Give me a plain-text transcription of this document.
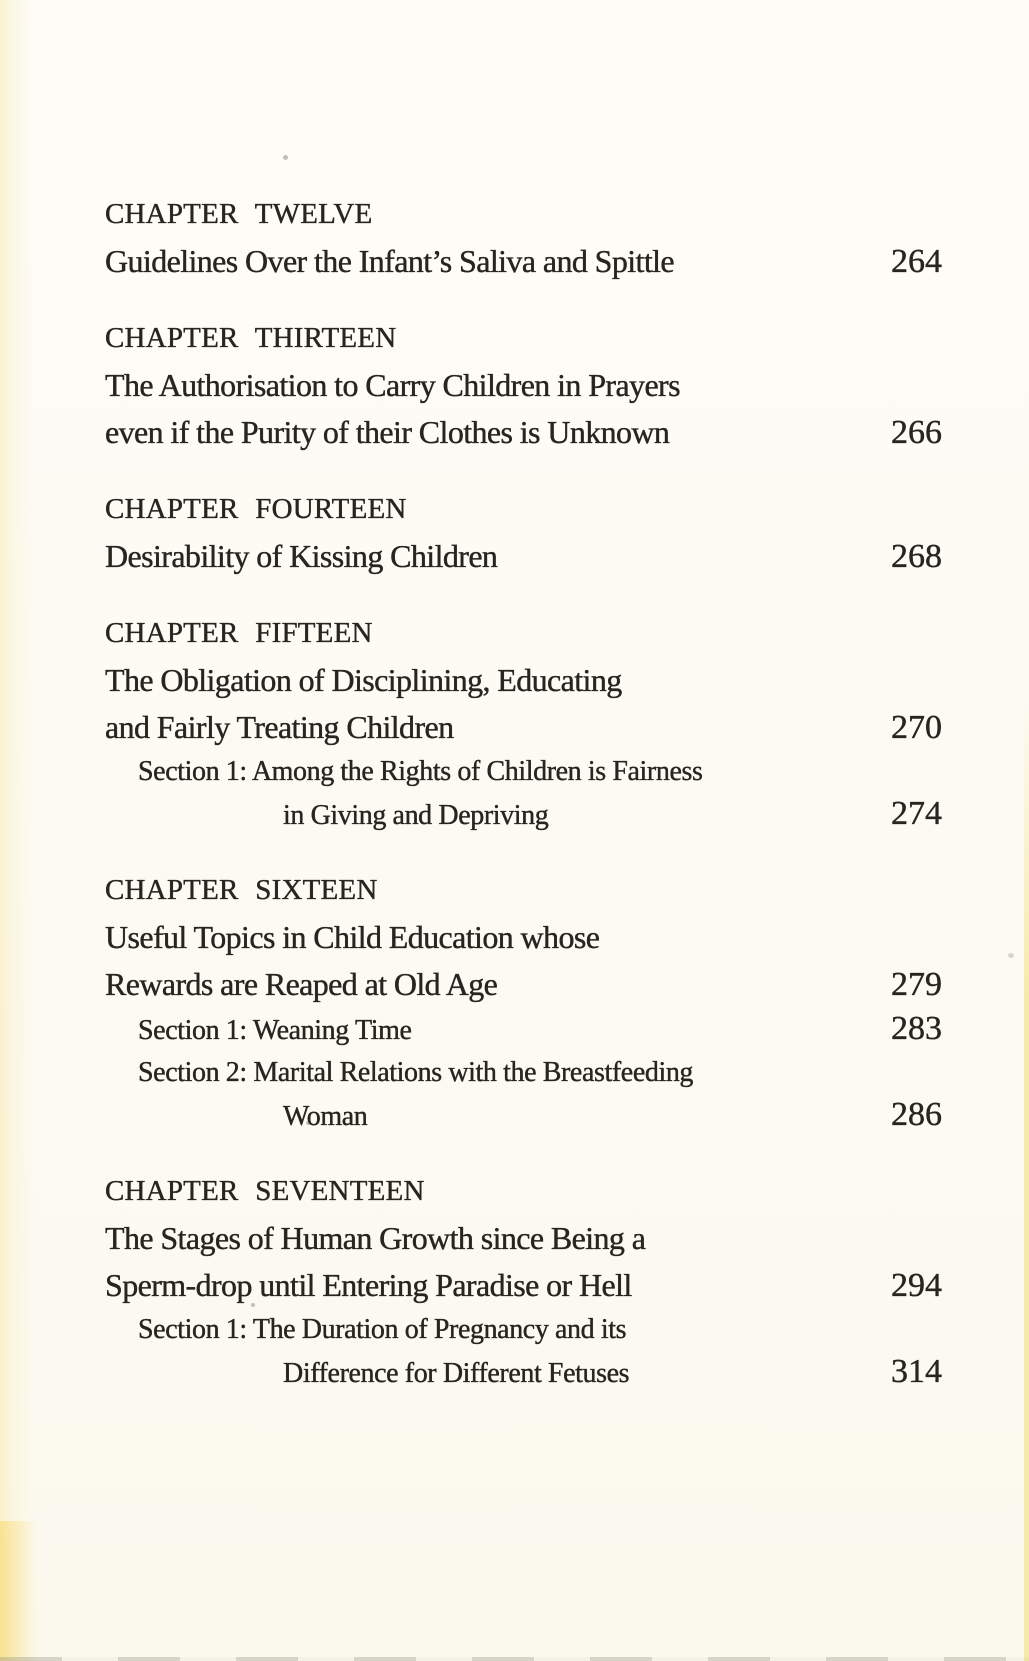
CHAPTER TWELVE
Guidelines Over the Infant’s Saliva and Spittle	264
CHAPTER THIRTEEN
The Authorisation to Carry Children in Prayers
even if the Purity of their Clothes is Unknown	266
CHAPTER FOURTEEN
Desirability of Kissing Children	268
CHAPTER FIFTEEN
The Obligation of Disciplining, Educating
and Fairly Treating Children	270
Section 1: Among the Rights of Children is Fairness
in Giving and Depriving	274
CHAPTER SIXTEEN
Useful Topics in Child Education whose
Rewards are Reaped at Old Age	279
Section 1: Weaning Time	283
Section 2: Marital Relations with the Breastfeeding
Woman	286
CHAPTER SEVENTEEN
The Stages of Human Growth since Being a
Sperm-drop until Entering Paradise or Hell	294
Section 1: The Duration of Pregnancy and its
Difference for Different Fetuses	314
